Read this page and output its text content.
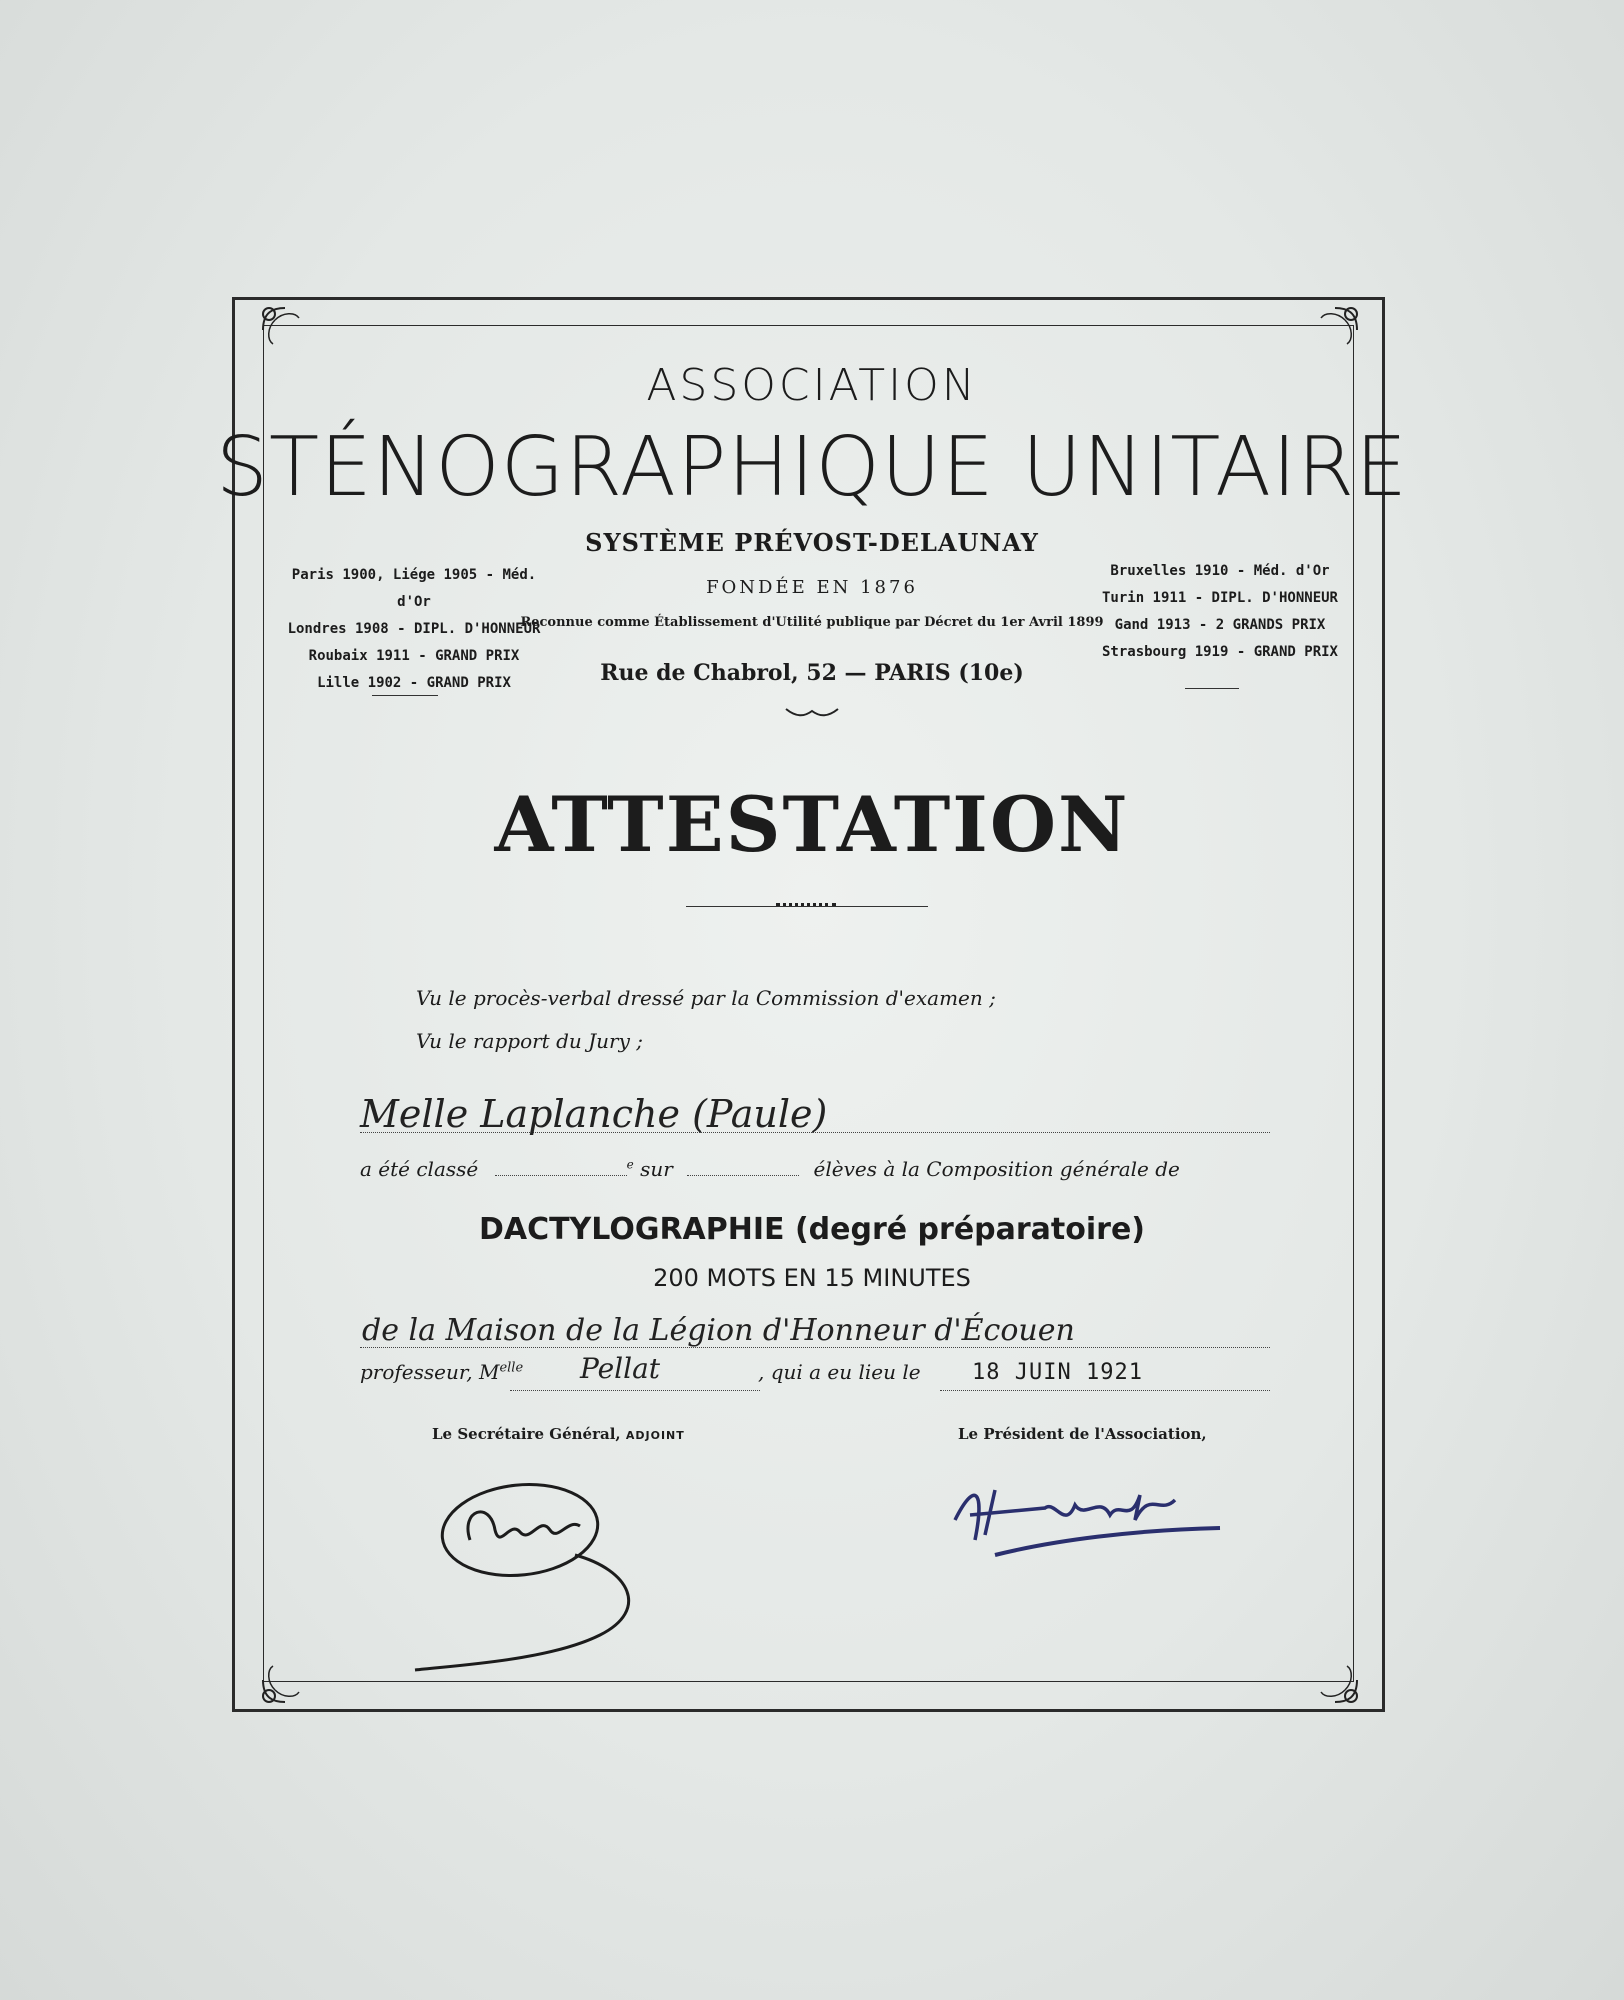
ASSOCIATION
STÉNOGRAPHIQUE UNITAIRE
SYSTÈME PRÉVOST-DELAUNAY
FONDÉE EN 1876
Reconnue comme Établissement d'Utilité publique par Décret du 1er Avril 1899
Rue de Chabrol, 52 — PARIS (10e)
Paris 1900, Liége 1905 - Méd. d'Or
Londres 1908 - DIPL. D'HONNEUR
Roubaix 1911 - GRAND PRIX
Lille 1902 - GRAND PRIX
Bruxelles 1910 - Méd. d'Or
Turin 1911 - DIPL. D'HONNEUR
Gand 1913 - 2 GRANDS PRIX
Strasbourg 1919 - GRAND PRIX
ATTESTATION
Vu le procès-verbal dressé par la Commission d'examen ;
Vu le rapport du Jury ;
Melle Laplanche (Paule)
a été classé	$^e$ sur	élèves à la Composition générale de
DACTYLOGRAPHIE (degré préparatoire)
200 MOTS EN 15 MINUTES
de la Maison de la Légion d'Honneur d'Écouen
professeur, $M^{elle}$ Pellat	, qui a eu lieu le 18 JUIN 1921
Le Secrétaire Général, ADJOINT	Le Président de l'Association,
